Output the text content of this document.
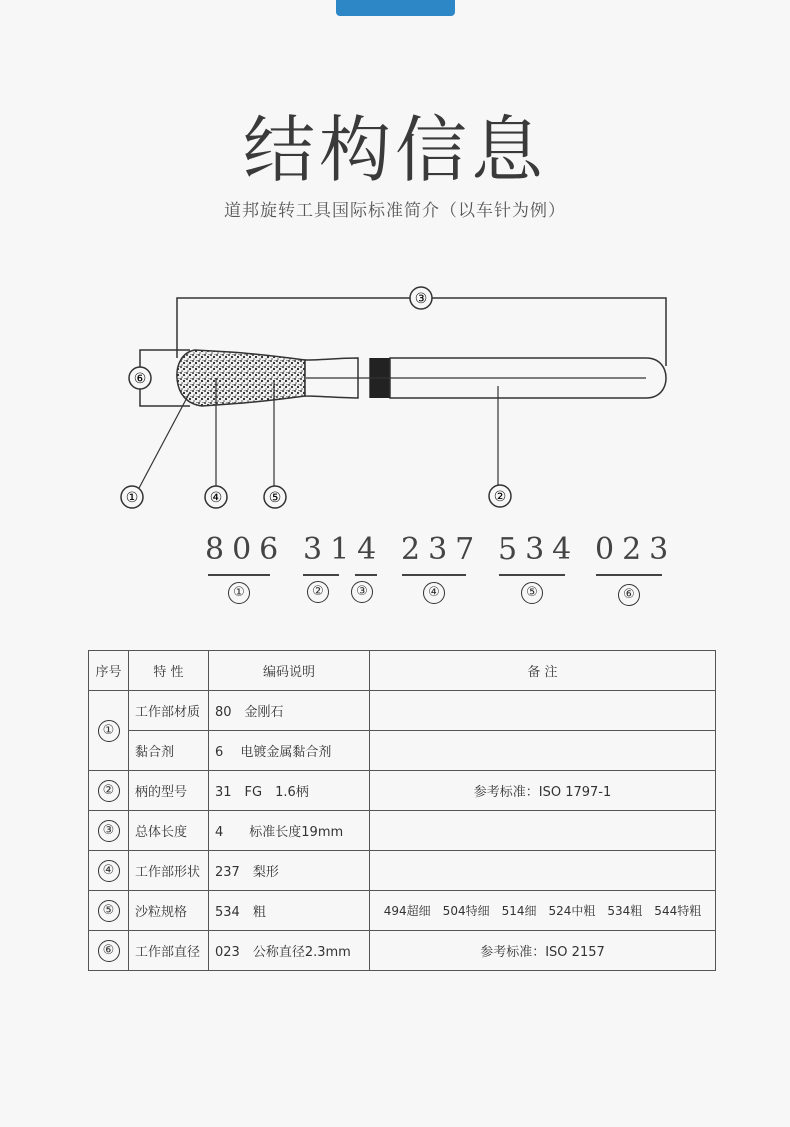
结构信息
道邦旋转工具国际标准简介（以车针为例）
③
⑥
①	④	⑤	②
806
①
314
②	③
237
④
534
⑤
023
⑥
序号	特 性	编码说明	备 注
①	工作部材质	80　金刚石	
	黏合剂	6　 电镀金属黏合剂	
②	柄的型号	31　FG　1.6柄	参考标准：ISO 1797-1
③	总体长度	4　　标准长度19mm	
④	工作部形状	237　梨形	
⑤	沙粒规格	534　粗	494超细　504特细　514细　524中粗　534粗　544特粗
⑥	工作部直径	023　公称直径2.3mm	参考标准：ISO 2157
